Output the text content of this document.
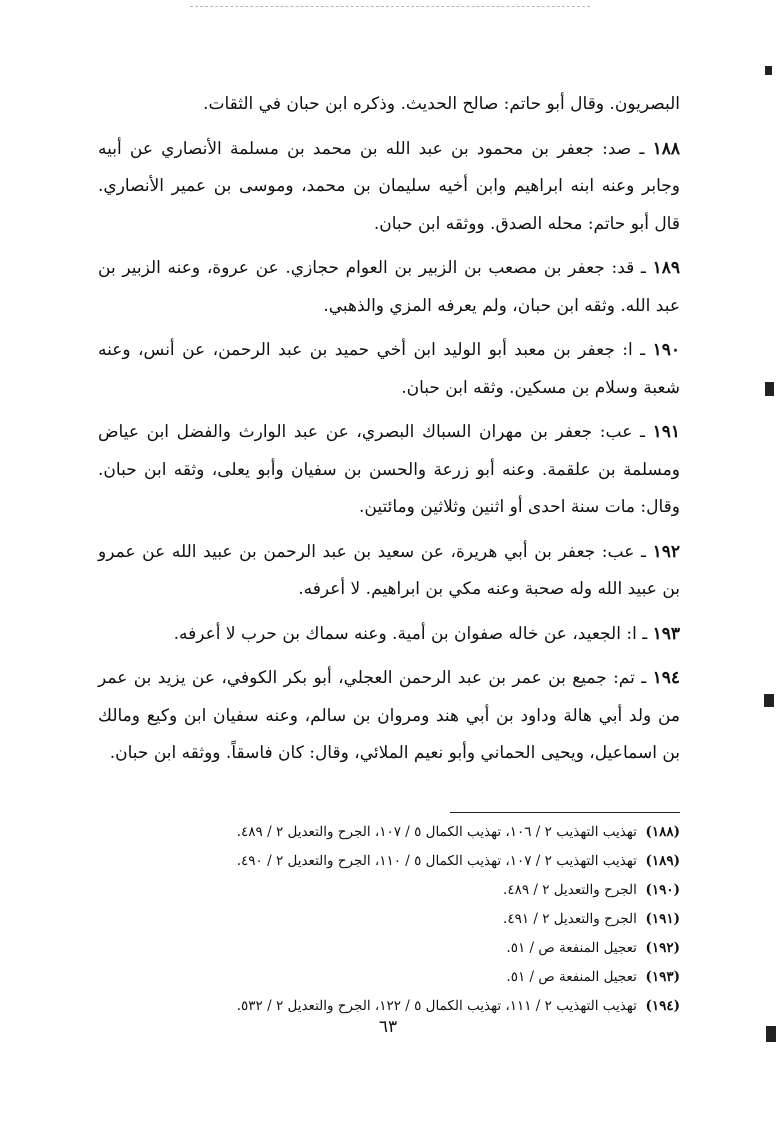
البصريون. وقال أبو حاتم: صالح الحديث. وذكره ابن حبان في الثقات.

١٨٨ ـ صد: جعفر بن محمود بن عبد الله بن محمد بن مسلمة الأنصاري عن أبيه وجابر وعنه ابنه ابراهيم وابن أخيه سليمان بن محمد، وموسى بن عمير الأنصاري. قال أبو حاتم: محله الصدق. ووثقه ابن حبان.

١٨٩ ـ قد: جعفر بن مصعب بن الزبير بن العوام حجازي. عن عروة، وعنه الزبير بن عبد الله. وثقه ابن حبان، ولم يعرفه المزي والذهبي.

١٩٠ ـ ا: جعفر بن معبد أبو الوليد ابن أخي حميد بن عبد الرحمن، عن أنس، وعنه شعبة وسلام بن مسكين. وثقه ابن حبان.

١٩١ ـ عب: جعفر بن مهران السباك البصري، عن عبد الوارث والفضل ابن عياض ومسلمة بن علقمة. وعنه أبو زرعة والحسن بن سفيان وأبو يعلى، وثقه ابن حبان. وقال: مات سنة احدى أو اثنين وثلاثين ومائتين.

١٩٢ ـ عب: جعفر بن أبي هريرة، عن سعيد بن عبد الرحمن بن عبيد الله عن عمرو بن عبيد الله وله صحبة وعنه مكي بن ابراهيم. لا أعرفه.

١٩٣ ـ ا: الجعيد، عن خاله صفوان بن أمية. وعنه سماك بن حرب لا أعرفه.

١٩٤ ـ تم: جميع بن عمر بن عبد الرحمن العجلي، أبو بكر الكوفي، عن يزيد بن عمر من ولد أبي هالة وداود بن أبي هند ومروان بن سالم، وعنه سفيان ابن وكيع ومالك بن اسماعيل، ويحيى الحماني وأبو نعيم الملائي، وقال: كان فاسقاً. ووثقه ابن حبان.

(١٨٨)  تهذيب التهذيب ٢ / ١٠٦، تهذيب الكمال ٥ / ١٠٧، الجرح والتعديل ٢ / ٤٨٩.
(١٨٩)  تهذيب التهذيب ٢ / ١٠٧، تهذيب الكمال ٥ / ١١٠، الجرح والتعديل ٢ / ٤٩٠.
(١٩٠)  الجرح والتعديل ٢ / ٤٨٩.
(١٩١)  الجرح والتعديل ٢ / ٤٩١.
(١٩٢)  تعجيل المنفعة ص / ٥١.
(١٩٣)  تعجيل المنفعة ص / ٥١.
(١٩٤)  تهذيب التهذيب ٢ / ١١١، تهذيب الكمال ٥ / ١٢٢، الجرح والتعديل ٢ / ٥٣٢.
٦٣
